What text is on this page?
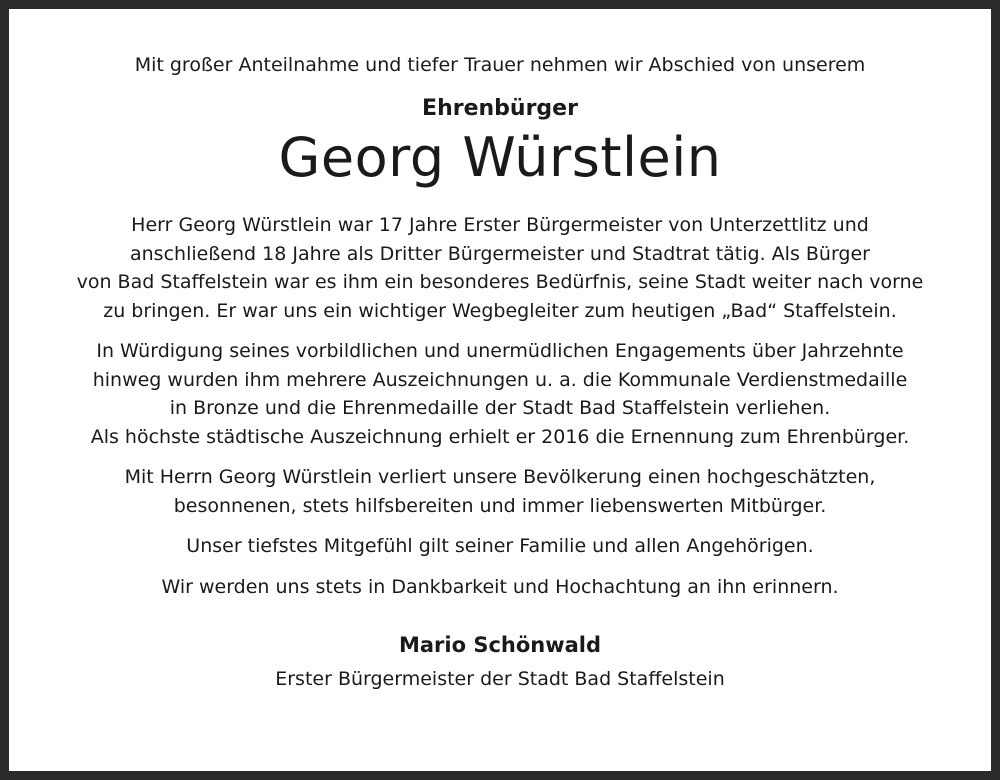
Mit großer Anteilnahme und tiefer Trauer nehmen wir Abschied von unserem
Ehrenbürger
Georg Würstlein
Herr Georg Würstlein war 17 Jahre Erster Bürgermeister von Unterzettlitz und
anschließend 18 Jahre als Dritter Bürgermeister und Stadtrat tätig. Als Bürger
von Bad Staffelstein war es ihm ein besonderes Bedürfnis, seine Stadt weiter nach vorne
zu bringen. Er war uns ein wichtiger Wegbegleiter zum heutigen „Bad“ Staffelstein.
In Würdigung seines vorbildlichen und unermüdlichen Engagements über Jahrzehnte
hinweg wurden ihm mehrere Auszeichnungen u. a. die Kommunale Verdienstmedaille
in Bronze und die Ehrenmedaille der Stadt Bad Staffelstein verliehen.
Als höchste städtische Auszeichnung erhielt er 2016 die Ernennung zum Ehrenbürger.
Mit Herrn Georg Würstlein verliert unsere Bevölkerung einen hochgeschätzten,
besonnenen, stets hilfsbereiten und immer liebenswerten Mitbürger.
Unser tiefstes Mitgefühl gilt seiner Familie und allen Angehörigen.
Wir werden uns stets in Dankbarkeit und Hochachtung an ihn erinnern.
Mario Schönwald
Erster Bürgermeister der Stadt Bad Staffelstein
